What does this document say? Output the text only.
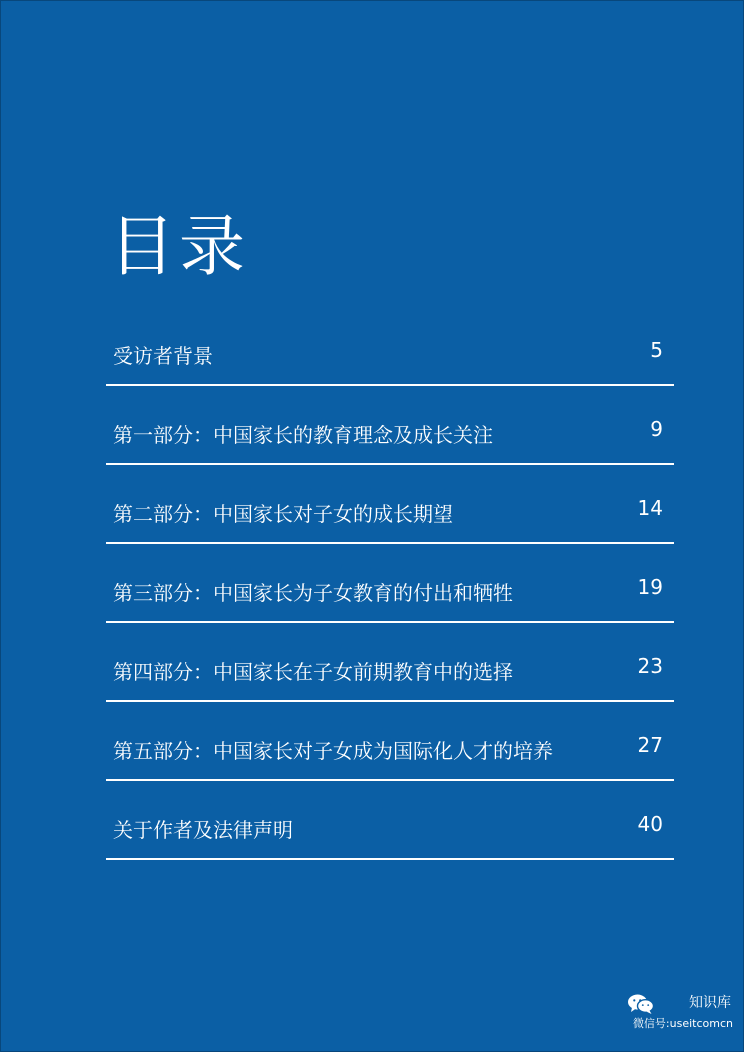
目录
受访者背景	5
第一部分：中国家长的教育理念及成长关注	9
第二部分：中国家长对子女的成长期望	14
第三部分：中国家长为子女教育的付出和牺牲	19
第四部分：中国家长在子女前期教育中的选择	23
第五部分：中国家长对子女成为国际化人才的培养	27
关于作者及法律声明	40
知识库
微信号:useitcomcn
